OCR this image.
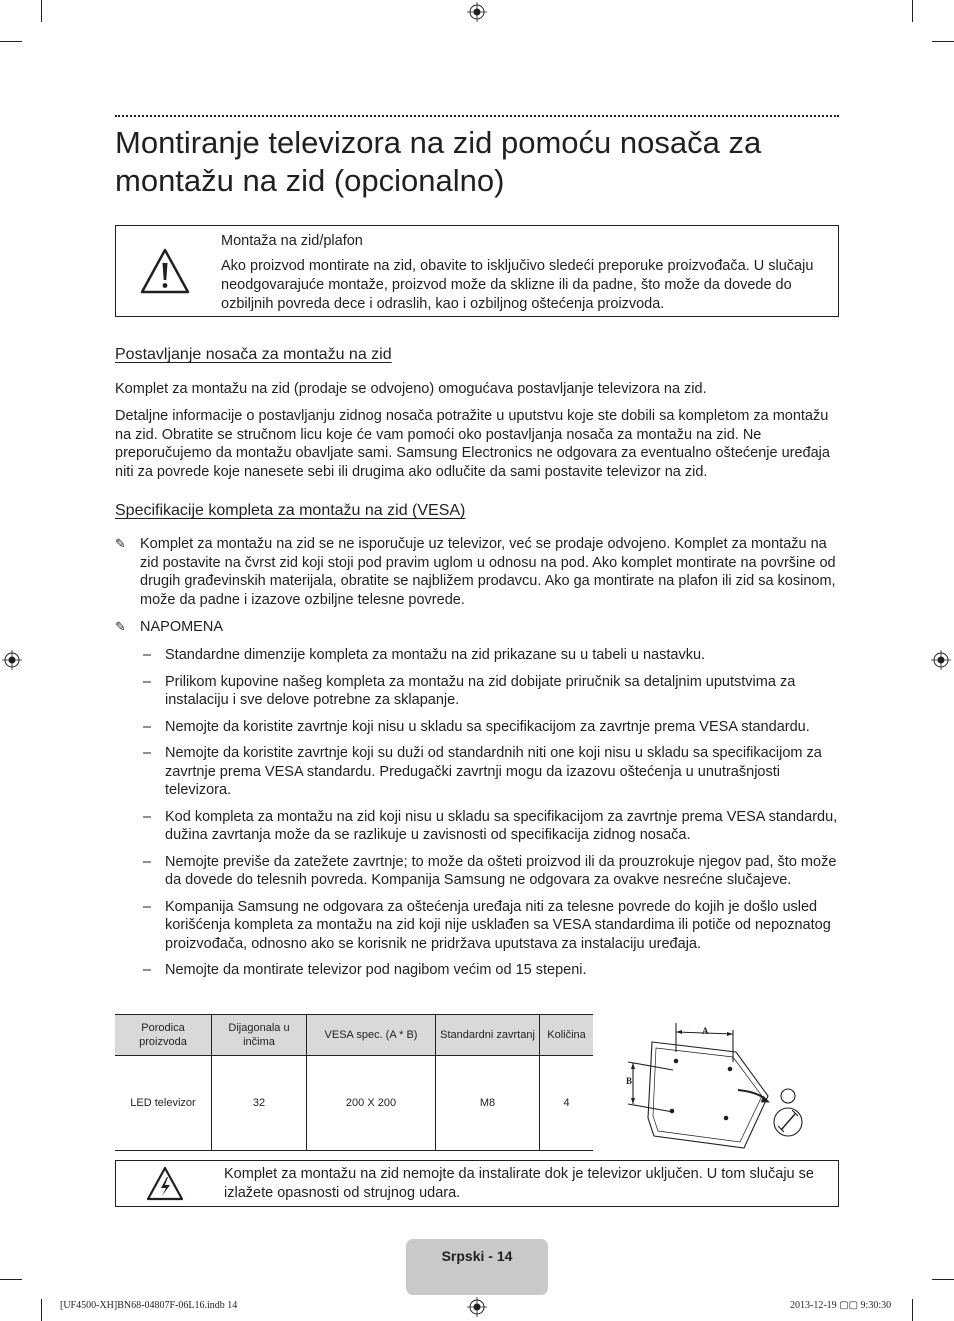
Montiranje televizora na zid pomoću nosača za montažu na zid (opcionalno)
Montaža na zid/plafon
Ako proizvod montirate na zid, obavite to isključivo sledeći preporuke proizvođača. U slučaju neodgovarajuće montaže, proizvod može da sklizne ili da padne, što može da dovede do ozbiljnih povreda dece i odraslih, kao i ozbiljnog oštećenja proizvoda.
Postavljanje nosača za montažu na zid
Komplet za montažu na zid (prodaje se odvojeno) omogućava postavljanje televizora na zid.
Detaljne informacije o postavljanju zidnog nosača potražite u uputstvu koje ste dobili sa kompletom za montažu na zid. Obratite se stručnom licu koje će vam pomoći oko postavljanja nosača za montažu na zid. Ne preporučujemo da montažu obavljate sami. Samsung Electronics ne odgovara za eventualno oštećenje uređaja niti za povrede koje nanesete sebi ili drugima ako odlučite da sami postavite televizor na zid.
Specifikacije kompleta za montažu na zid (VESA)
✎ Komplet za montažu na zid se ne isporučuje uz televizor, već se prodaje odvojeno. Komplet za montažu na zid postavite na čvrst zid koji stoji pod pravim uglom u odnosu na pod. Ako komplet montirate na površine od drugih građevinskih materijala, obratite se najbližem prodavcu. Ako ga montirate na plafon ili zid sa kosinom, može da padne i izazove ozbiljne telesne povrede.
✎ NAPOMENA
– Standardne dimenzije kompleta za montažu na zid prikazane su u tabeli u nastavku.
– Prilikom kupovine našeg kompleta za montažu na zid dobijate priručnik sa detaljnim uputstvima za instalaciju i sve delove potrebne za sklapanje.
– Nemojte da koristite zavrtnje koji nisu u skladu sa specifikacijom za zavrtnje prema VESA standardu.
– Nemojte da koristite zavrtnje koji su duži od standardnih niti one koji nisu u skladu sa specifikacijom za zavrtnje prema VESA standardu. Predugački zavrtnji mogu da izazovu oštećenja u unutrašnjosti televizora.
– Kod kompleta za montažu na zid koji nisu u skladu sa specifikacijom za zavrtnje prema VESA standardu, dužina zavrtanja može da se razlikuje u zavisnosti od specifikacija zidnog nosača.
– Nemojte previše da zatežete zavrtnje; to može da ošteti proizvod ili da prouzrokuje njegov pad, što može da dovede do telesnih povreda. Kompanija Samsung ne odgovara za ovakve nesrećne slučajeve.
– Kompanija Samsung ne odgovara za oštećenja uređaja niti za telesne povrede do kojih je došlo usled korišćenja kompleta za montažu na zid koji nije usklađen sa VESA standardima ili potiče od nepoznatog proizvođača, odnosno ako se korisnik ne pridržava uputstava za instalaciju uređaja.
– Nemojte da montirate televizor pod nagibom većim od 15 stepeni.
Porodica proizvoda	Dijagonala u inčima	VESA spec. (A * B)	Standardni zavrtanj	Količina
LED televizor	32	200 X 200	M8	4
A
B
Komplet za montažu na zid nemojte da instalirate dok je televizor uključen. U tom slučaju se izlažete opasnosti od strujnog udara.
Srpski - 14
[UF4500-XH]BN68-04807F-06L16.indb 14	2013-12-19 ▢▢ 9:30:30
